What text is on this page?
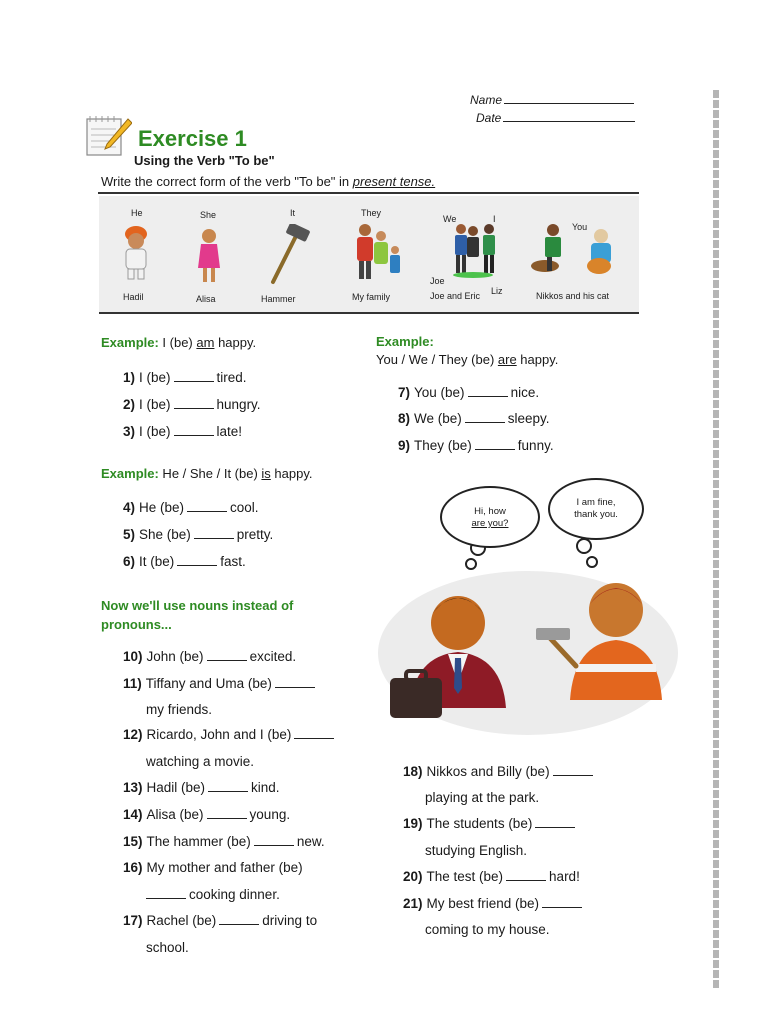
Name
Date
Exercise 1
Using the Verb "To be"
Write the correct form of the verb "To be" in present tense.
He
Hadil
She
Alisa
It
Hammer
They
My family
We	I
Joe
Joe and Eric Liz
You
Nikkos and his cat
Example: I (be) am happy.
1) I (be)	tired.
2) I (be)	hungry.
3) I (be)	late!
Example: He / She / It (be) is happy.
4) He (be)	cool.
5) She (be)	pretty.
6) It (be)	fast.
Now we'll use nouns instead of
pronouns...
10) John (be)	excited.
11) Tiffany and Uma (be)
my friends.
12) Ricardo, John and I (be)
watching a movie.
13) Hadil (be)	kind.
14) Alisa (be)	young.
15) The hammer (be)	new.
16) My mother and father (be)
cooking dinner.
17) Rachel (be)	driving to
school.
Example:
You / We / They (be) are happy.
7) You (be)	nice.
8) We (be)	sleepy.
9) They (be)	funny.
Hi, how
are you?
I am fine,
thank you.
18) Nikkos and Billy (be)
playing at the park.
19) The students (be)
studying English.
20) The test (be)	hard!
21) My best friend (be)
coming to my house.
